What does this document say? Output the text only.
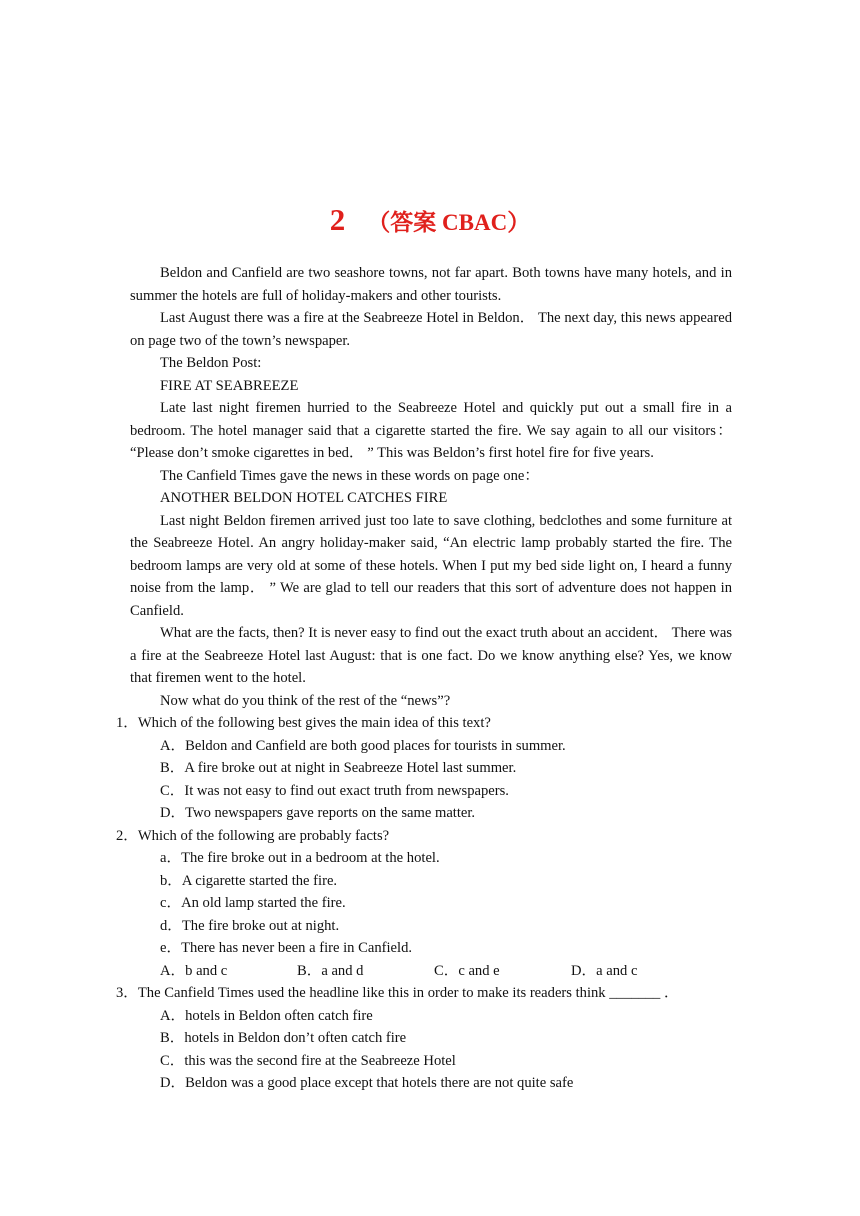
2 （答案 CBAC）

Beldon and Canfield are two seashore towns, not far apart. Both towns have many hotels, and in summer the hotels are full of holiday-makers and other tourists.

Last August there was a fire at the Seabreeze Hotel in Beldon． The next day, this news appeared on page two of the town’s newspaper.

The Beldon Post:

FIRE AT SEABREEZE

Late last night firemen hurried to the Seabreeze Hotel and quickly put out a small fire in a bedroom. The hotel manager said that a cigarette started the fire. We say again to all our visitors： “Please don’t smoke cigarettes in bed． ” This was Beldon’s first hotel fire for five years.

The Canfield Times gave the news in these words on page one：

ANOTHER BELDON HOTEL CATCHES FIRE

Last night Beldon firemen arrived just too late to save clothing, bedclothes and some furniture at the Seabreeze Hotel. An angry holiday-maker said, “An electric lamp probably started the fire. The bedroom lamps are very old at some of these hotels. When I put my bed side light on, I heard a funny noise from the lamp． ” We are glad to tell our readers that this sort of adventure does not happen in Canfield.

What are the facts, then? It is never easy to find out the exact truth about an accident． There was a fire at the Seabreeze Hotel last August: that is one fact. Do we know anything else? Yes, we know that firemen went to the hotel.

Now what do you think of the rest of the “news”?

1．Which of the following best gives the main idea of this text?

A．Beldon and Canfield are both good places for tourists in summer.

B．A fire broke out at night in Seabreeze Hotel last summer.

C．It was not easy to find out exact truth from newspapers.

D．Two newspapers gave reports on the same matter.

2．Which of the following are probably facts?

a．The fire broke out in a bedroom at the hotel.

b．A cigarette started the fire.

c．An old lamp started the fire.

d．The fire broke out at night.

e．There has never been a fire in Canfield.

A．b and c	B．a and d	C．c and e	D．a and c

3．The Canfield Times used the headline like this in order to make its readers think _______ ．

A．hotels in Beldon often catch fire

B．hotels in Beldon don’t often catch fire

C．this was the second fire at the Seabreeze Hotel

D．Beldon was a good place except that hotels there are not quite safe
